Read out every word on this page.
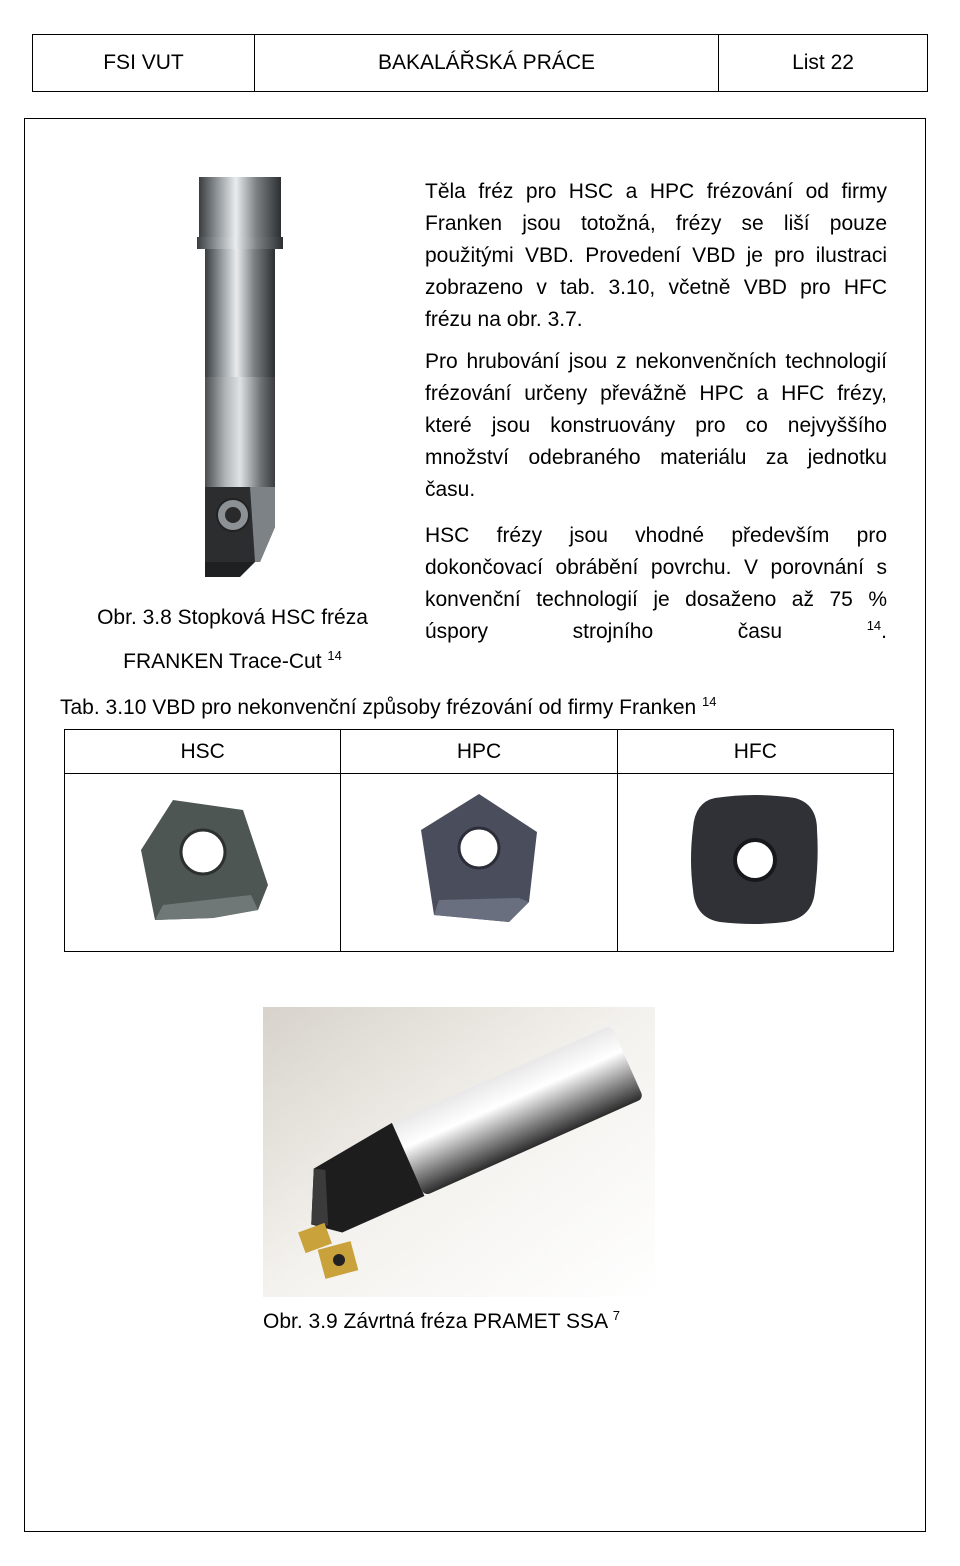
FSI VUT	BAKALÁŘSKÁ PRÁCE	List 22
Obr. 3.8 Stopková HSC fréza
FRANKEN Trace-Cut $^{14}$

Těla fréz pro HSC a HPC frézování od firmy Franken jsou totožná, frézy se liší pouze použitými VBD. Provedení VBD je pro ilustraci zobrazeno v tab. 3.10, včetně VBD pro HFC frézu na obr. 3.7.

Pro hrubování jsou z nekonvenčních technologií frézování určeny převážně HPC a HFC frézy, které jsou konstruovány pro co nejvyššího množství odebraného materiálu za jednotku času.

HSC frézy jsou vhodné především pro dokončovací obrábění povrchu. V porovnání s konvenční technologií je dosaženo až 75 % úspory strojního času	$^{14}$.

Tab. 3.10 VBD pro nekonvenční způsoby frézování od firmy Franken $^{14}$
HSC	HPC	HFC

Obr. 3.9 Závrtná fréza PRAMET SSA $^7$
